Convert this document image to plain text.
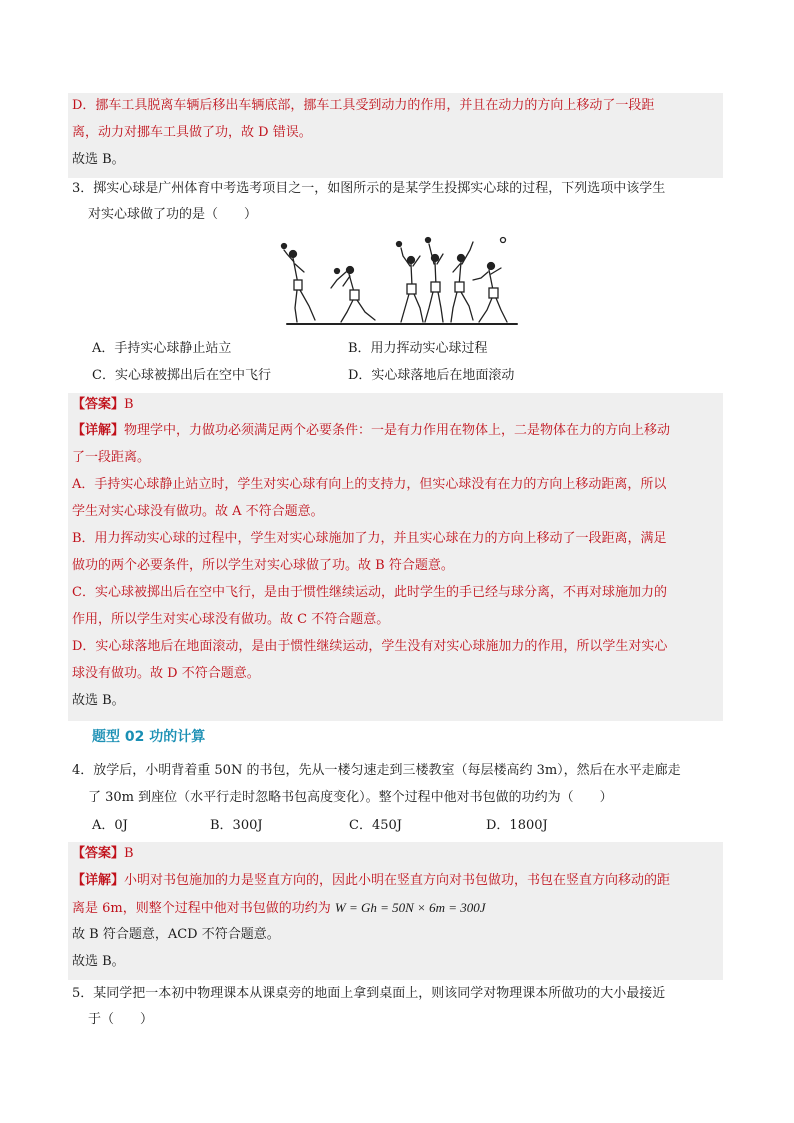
D．挪车工具脱离车辆后移出车辆底部，挪车工具受到动力的作用，并且在动力的方向上移动了一段距
离，动力对挪车工具做了功，故 D 错误。
故选 B。
3．掷实心球是广州体育中考选考项目之一，如图所示的是某学生投掷实心球的过程，下列选项中该学生
对实心球做了功的是（　　）
A．手持实心球静止站立	B．用力挥动实心球过程
C．实心球被掷出后在空中飞行	D．实心球落地后在地面滚动
【答案】B
【详解】物理学中，力做功必须满足两个必要条件：一是有力作用在物体上，二是物体在力的方向上移动
了一段距离。
A．手持实心球静止站立时，学生对实心球有向上的支持力，但实心球没有在力的方向上移动距离，所以
学生对实心球没有做功。故 A 不符合题意。
B．用力挥动实心球的过程中，学生对实心球施加了力，并且实心球在力的方向上移动了一段距离，满足
做功的两个必要条件，所以学生对实心球做了功。故 B 符合题意。
C．实心球被掷出后在空中飞行，是由于惯性继续运动，此时学生的手已经与球分离，不再对球施加力的
作用，所以学生对实心球没有做功。故 C 不符合题意。
D．实心球落地后在地面滚动，是由于惯性继续运动，学生没有对实心球施加力的作用，所以学生对实心
球没有做功。故 D 不符合题意。
故选 B。
题型 02 功的计算
4．放学后，小明背着重 50N 的书包，先从一楼匀速走到三楼教室（每层楼高约 3m），然后在水平走廊走
了 30m 到座位（水平行走时忽略书包高度变化）。整个过程中他对书包做的功约为（　　）
A．0J	B．300J	C．450J	D．1800J
【答案】B
【详解】小明对书包施加的力是竖直方向的，因此小明在竖直方向对书包做功，书包在竖直方向移动的距
离是 6m，则整个过程中他对书包做的功约为 W = Gh = 50N × 6m = 300J
故 B 符合题意，ACD 不符合题意。
故选 B。
5．某同学把一本初中物理课本从课桌旁的地面上拿到桌面上，则该同学对物理课本所做功的大小最接近
于（　　）
